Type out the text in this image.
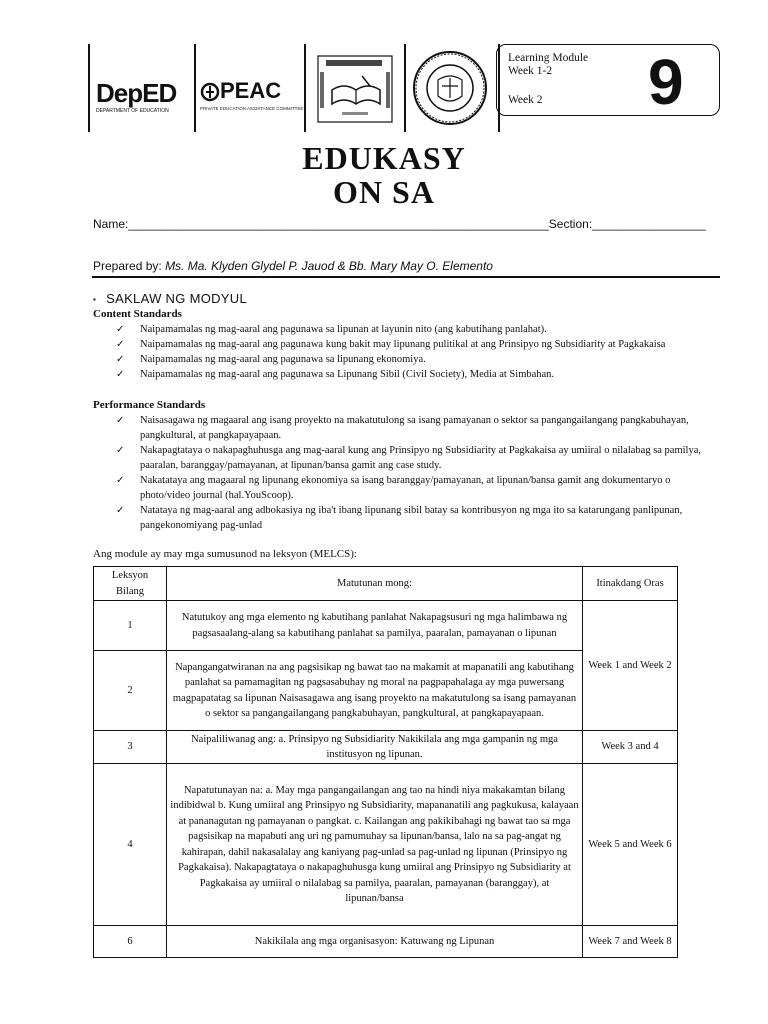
DepED
DEPARTMENT OF EDUCATION
PEAC
PRIVATE EDUCATION ASSISTANCE COMMITTEE
Learning Module
Week 1-2
Week 2 9
EDUKASY
ON SA
Name:_______________________________________________________________Section:_________________
Prepared by: Ms. Ma. Klyden Glydel P. Jauod & Bb. Mary May O. Elemento
▪ SAKLAW NG MODYUL
Content Standards
✓ Naipamamalas ng mag-aaral ang pagunawa sa lipunan at layunin nito (ang kabutihang panlahat).
✓ Naipamamalas ng mag-aaral ang pagunawa kung bakit may lipunang pulitikal at ang Prinsipyo ng Subsidiarity at Pagkakaisa
✓ Naipamamalas ng mag-aaral ang pagunawa sa lipunang ekonomiya.
✓ Naipamamalas ng mag-aaral ang pagunawa sa Lipunang Sibil (Civil Society), Media at Simbahan.
Performance Standards
✓ Naisasagawa ng magaaral ang isang proyekto na makatutulong sa isang pamayanan o sektor sa pangangailangang pangkabuhayan, pangkultural, at pangkapayapaan.
✓ Nakapagtataya o nakapaghuhusga ang mag-aaral kung ang Prinsipyo ng Subsidiarity at Pagkakaisa ay umiiral o nilalabag sa pamilya, paaralan, baranggay/pamayanan, at lipunan/bansa gamit ang case study.
✓ Nakatataya ang magaaral ng lipunang ekonomiya sa isang baranggay/pamayanan, at lipunan/bansa gamit ang dokumentaryo o photo/video journal (hal.YouScoop).
✓ Natataya ng mag-aaral ang adbokasiya ng iba't ibang lipunang sibil batay sa kontribusyon ng mga ito sa katarungang panlipunan, pangekonomiyang pag-unlad
Ang module ay may mga sumusunod na leksyon (MELCS):
Leksyon Bilang	Matutunan mong:	Itinakdang Oras
1	Natutukoy ang mga elemento ng kabutihang panlahat Nakapagsusuri ng mga halimbawa ng pagsasaalang-alang sa kabutihang panlahat sa pamilya, paaralan, pamayanan o lipunan	Week 1 and Week 2
2	Napangangatwiranan na ang pagsisikap ng bawat tao na makamit at mapanatili ang kabutihang panlahat sa pamamagitan ng pagsasabuhay ng moral na pagpapahalaga ay mga puwersang magpapatatag sa lipunan Naisasagawa ang isang proyekto na makatutulong sa isang pamayanan o sektor sa pangangailangang pangkabuhayan, pangkultural, at pangkapayapaan.	
3	Naipaliliwanag ang: a. Prinsipyo ng Subsidiarity Nakikilala ang mga gampanin ng mga institusyon ng lipunan.	Week 3 and 4
4	Napatutunayan na: a. May mga pangangailangan ang tao na hindi niya makakamtan bilang indibidwal b. Kung umiiral ang Prinsipyo ng Subsidiarity, mapananatili ang pagkukusa, kalayaan at pananagutan ng pamayanan o pangkat. c. Kailangan ang pakikibahagi ng bawat tao sa mga pagsisikap na mapabuti ang uri ng pamumuhay sa lipunan/bansa, lalo na sa pag-angat ng kahirapan, dahil nakasalalay ang kaniyang pag-unlad sa pag-unlad ng lipunan (Prinsipyo ng Pagkakaisa). Nakapagtataya o nakapaghuhusga kung umiiral ang Prinsipyo ng Subsidiarity at Pagkakaisa ay umiiral o nilalabag sa pamilya, paaralan, pamayanan (baranggay), at lipunan/bansa	Week 5 and Week 6
6	Nakikilala ang mga organisasyon: Katuwang ng Lipunan	Week 7 and Week 8
